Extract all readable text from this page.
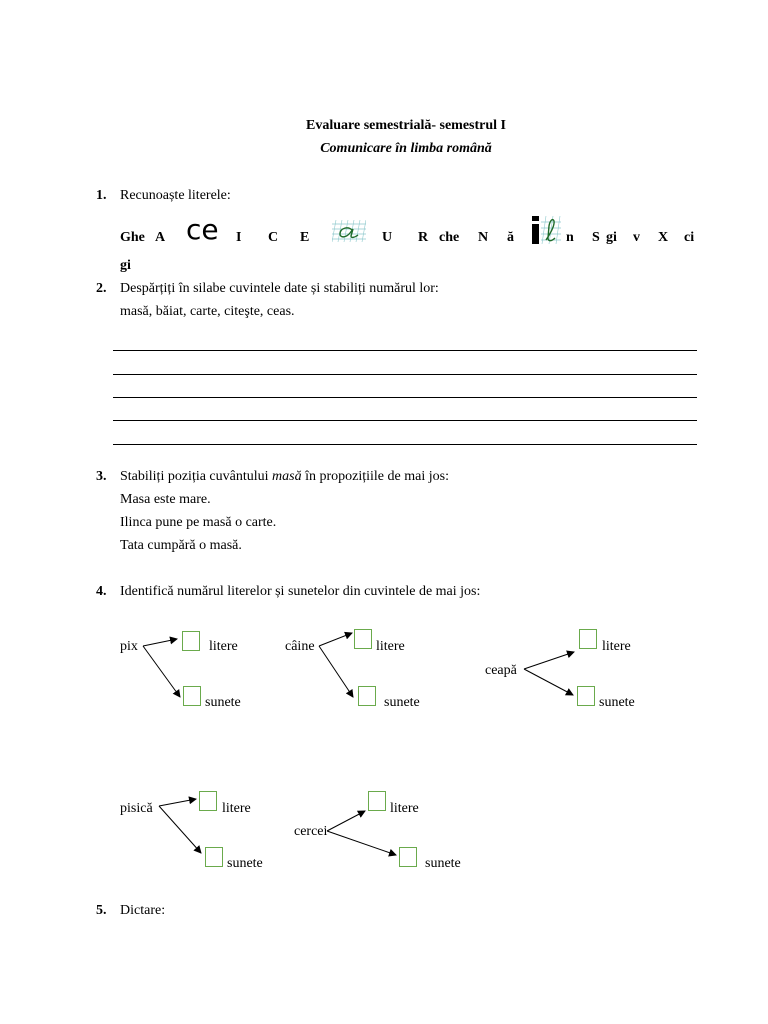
Evaluare semestrială- semestrul I
Comunicare în limba română
1. Recunoaște literele:
Ghe A ce I C E	U R che N ă	n S gi v X ci
gi
2. Despărțiți în silabe cuvintele date și stabiliți numărul lor:
masă, băiat, carte, citeşte, ceas.
3. Stabiliți poziția cuvântului masă în propozițiile de mai jos:
Masa este mare.
Ilinca pune pe masă o carte.
Tata cumpără o masă.
4. Identifică numărul literelor și sunetelor din cuvintele de mai jos:
pix	litere
sunete
câine	litere
sunete
ceapă
litere
sunete
pisică	litere
sunete
cercei
litere
sunete
5. Dictare:
